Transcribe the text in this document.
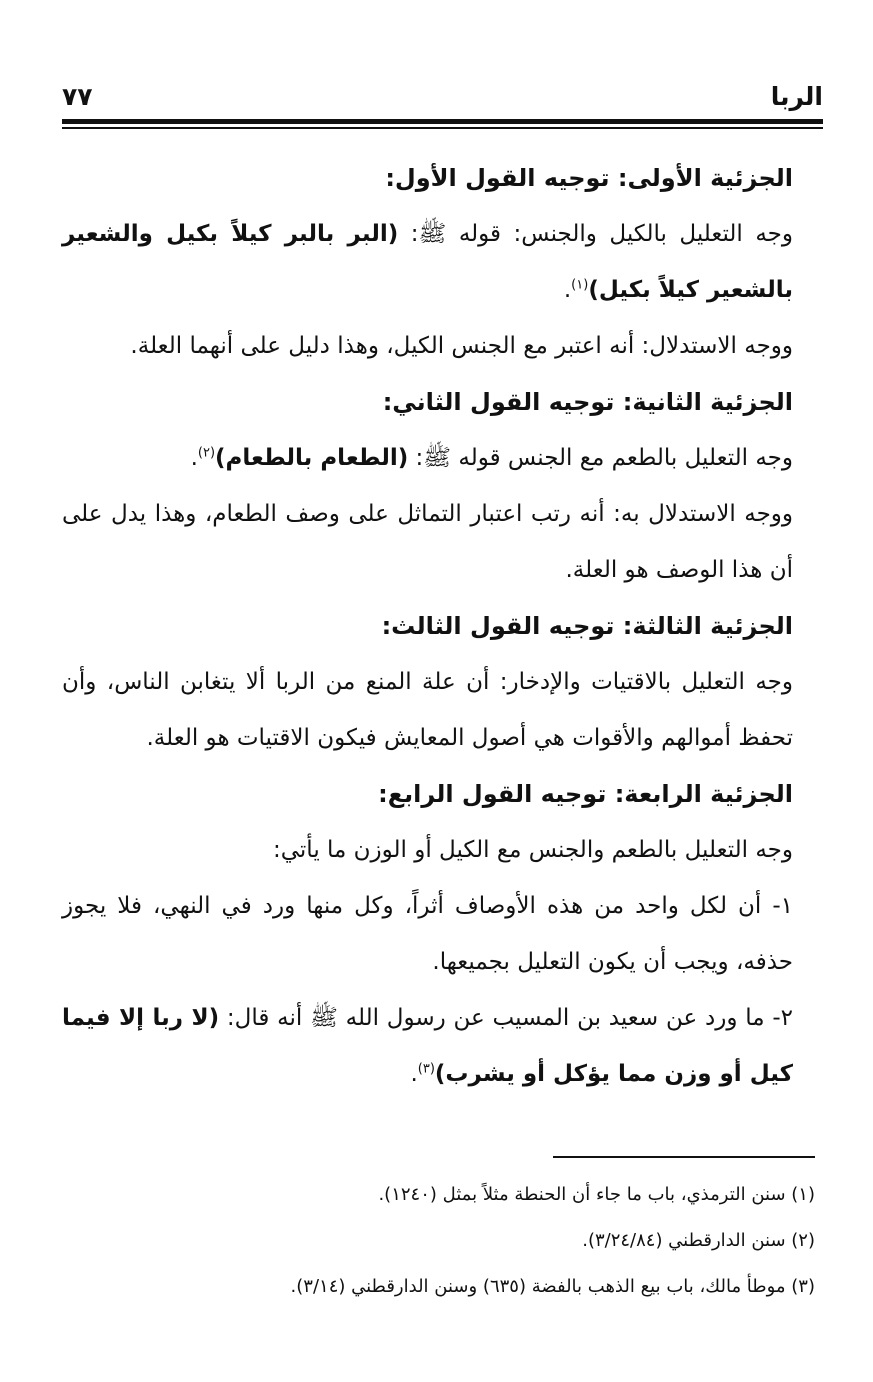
الربا
٧٧
الجزئية الأولى: توجيه القول الأول:

وجه التعليل بالكيل والجنس: قوله ﷺ: (البر بالبر كيلاً بكيل والشعير بالشعير كيلاً بكيل)$^{(١)}$.

ووجه الاستدلال: أنه اعتبر مع الجنس الكيل، وهذا دليل على أنهما العلة.

الجزئية الثانية: توجيه القول الثاني:

وجه التعليل بالطعم مع الجنس قوله ﷺ: (الطعام بالطعام)$^{(٢)}$.

ووجه الاستدلال به: أنه رتب اعتبار التماثل على وصف الطعام، وهذا يدل على أن هذا الوصف هو العلة.

الجزئية الثالثة: توجيه القول الثالث:

وجه التعليل بالاقتيات والإدخار: أن علة المنع من الربا ألا يتغابن الناس، وأن تحفظ أموالهم والأقوات هي أصول المعايش فيكون الاقتيات هو العلة.

الجزئية الرابعة: توجيه القول الرابع:

وجه التعليل بالطعم والجنس مع الكيل أو الوزن ما يأتي:

١- أن لكل واحد من هذه الأوصاف أثراً، وكل منها ورد في النهي، فلا يجوز حذفه، ويجب أن يكون التعليل بجميعها.

٢- ما ورد عن سعيد بن المسيب عن رسول الله ﷺ أنه قال: (لا ربا إلا فيما كيل أو وزن مما يؤكل أو يشرب)$^{(٣)}$.

(١) سنن الترمذي، باب ما جاء أن الحنطة مثلاً بمثل (١٢٤٠).

(٢) سنن الدارقطني (٣/٢٤/٨٤).

(٣) موطأ مالك، باب بيع الذهب بالفضة (٦٣٥) وسنن الدارقطني (٣/١٤).
